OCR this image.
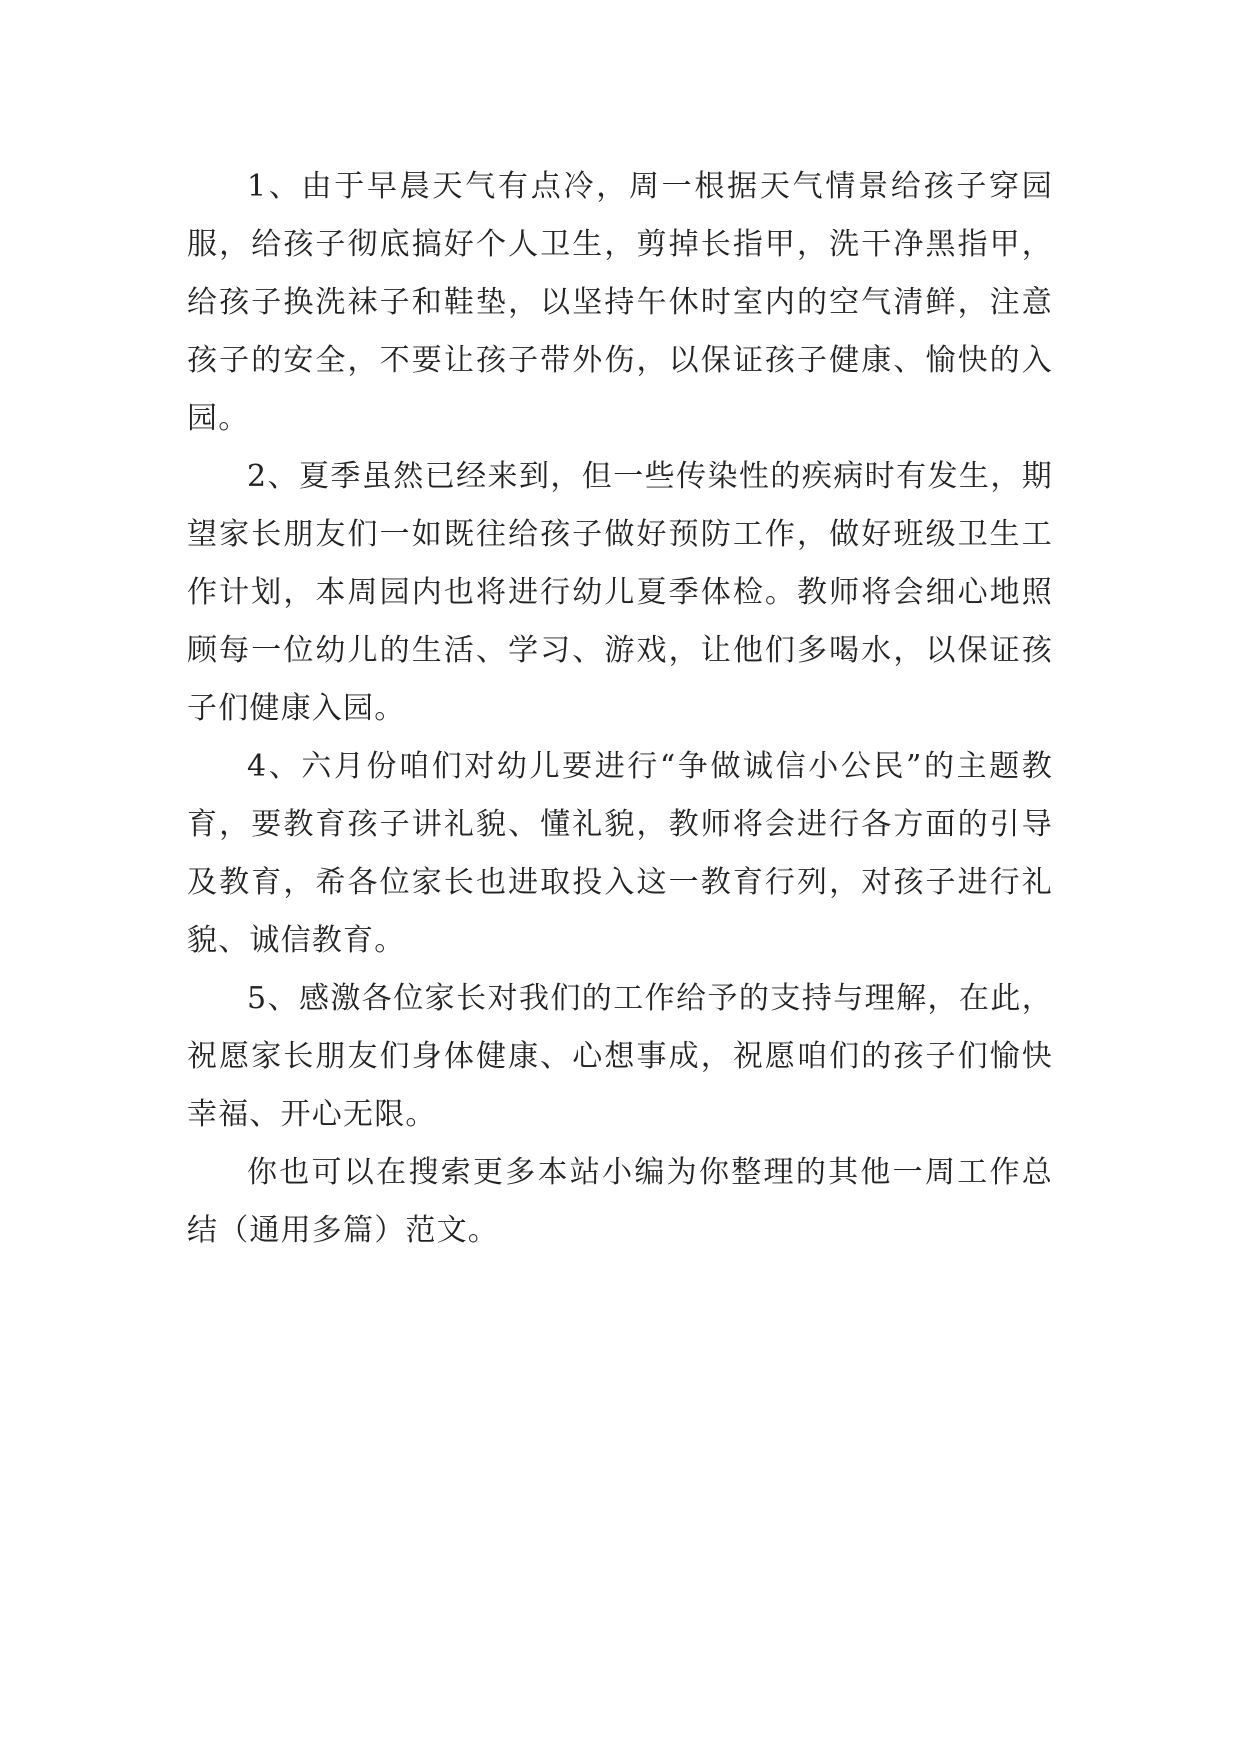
1、由于早晨天气有点冷，周一根据天气情景给孩子穿园服，给孩子彻底搞好个人卫生，剪掉长指甲，洗干净黑指甲，给孩子换洗袜子和鞋垫，以坚持午休时室内的空气清鲜，注意孩子的安全，不要让孩子带外伤，以保证孩子健康、愉快的入园。

2、夏季虽然已经来到，但一些传染性的疾病时有发生，期望家长朋友们一如既往给孩子做好预防工作，做好班级卫生工作计划，本周园内也将进行幼儿夏季体检。教师将会细心地照顾每一位幼儿的生活、学习、游戏，让他们多喝水，以保证孩子们健康入园。

4、六月份咱们对幼儿要进行“争做诚信小公民”的主题教育，要教育孩子讲礼貌、懂礼貌，教师将会进行各方面的引导及教育，希各位家长也进取投入这一教育行列，对孩子进行礼貌、诚信教育。

5、感激各位家长对我们的工作给予的支持与理解，在此，祝愿家长朋友们身体健康、心想事成，祝愿咱们的孩子们愉快幸福、开心无限。

你也可以在搜索更多本站小编为你整理的其他一周工作总结（通用多篇）范文。
